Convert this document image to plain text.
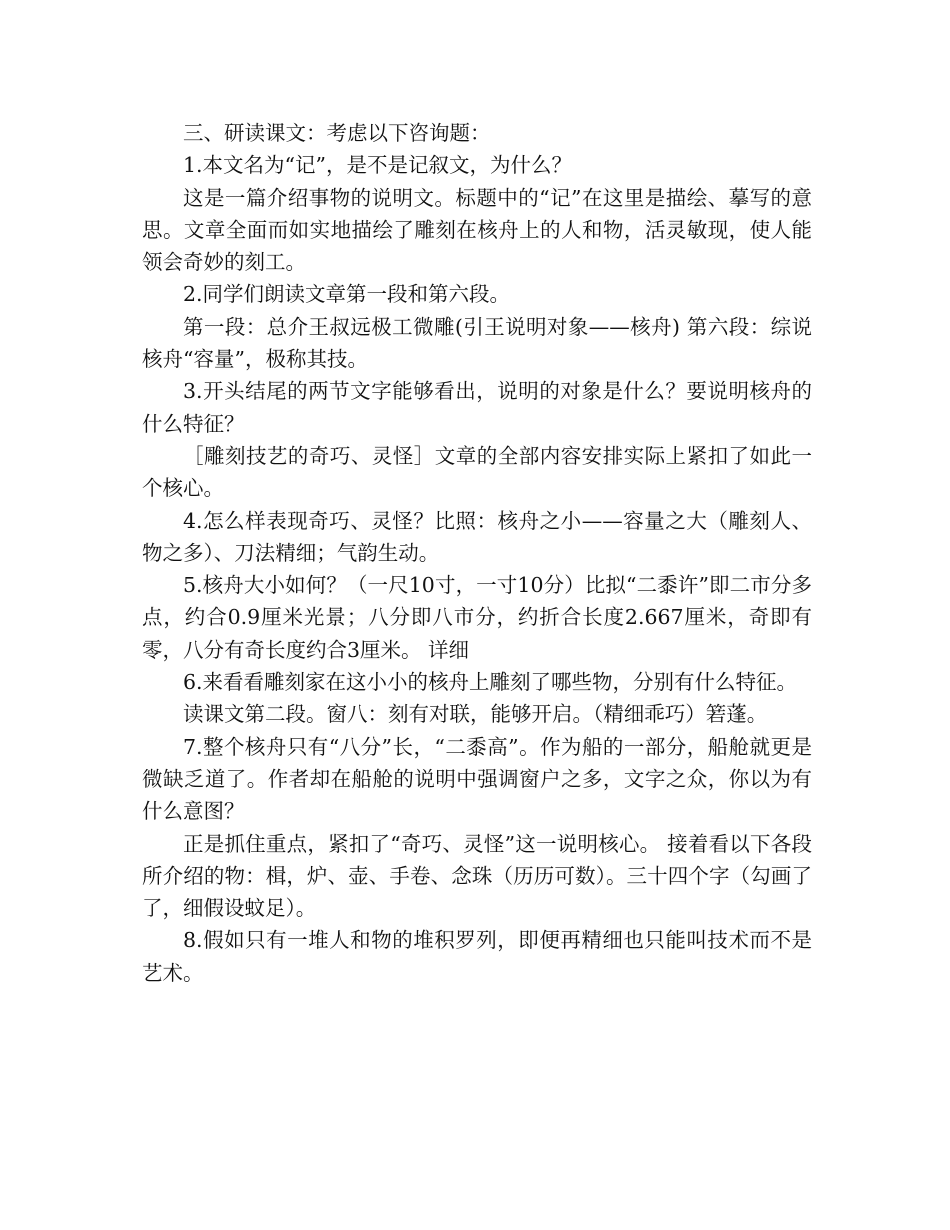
三、研读课文：考虑以下咨询题：

1.本文名为“记”，是不是记叙文，为什么？

这是一篇介绍事物的说明文。标题中的“记”在这里是描绘、摹写的意思。文章全面而如实地描绘了雕刻在核舟上的人和物，活灵敏现，使人能领会奇妙的刻工。

2.同学们朗读文章第一段和第六段。

第一段：总介王叔远极工微雕(引王说明对象——核舟) 第六段：综说核舟“容量”，极称其技。

3.开头结尾的两节文字能够看出，说明的对象是什么？要说明核舟的什么特征？

［雕刻技艺的奇巧、灵怪］文章的全部内容安排实际上紧扣了如此一个核心。

4.怎么样表现奇巧、灵怪？比照：核舟之小——容量之大（雕刻人、物之多）、刀法精细；气韵生动。

5.核舟大小如何？（一尺10寸，一寸10分）比拟“二黍许”即二市分多点，约合0.9厘米光景；八分即八市分，约折合长度2.667厘米，奇即有零，八分有奇长度约合3厘米。 详细

6.来看看雕刻家在这小小的核舟上雕刻了哪些物，分别有什么特征。

读课文第二段。窗八：刻有对联，能够开启。（精细乖巧）箬蓬。

7.整个核舟只有“八分”长，“二黍高”。作为船的一部分，船舱就更是微缺乏道了。作者却在船舱的说明中强调窗户之多，文字之众，你以为有什么意图？

正是抓住重点，紧扣了“奇巧、灵怪”这一说明核心。 接着看以下各段所介绍的物：楫，炉、壶、手卷、念珠（历历可数）。三十四个字（勾画了了，细假设蚊足）。

8.假如只有一堆人和物的堆积罗列，即便再精细也只能叫技术而不是艺术。
